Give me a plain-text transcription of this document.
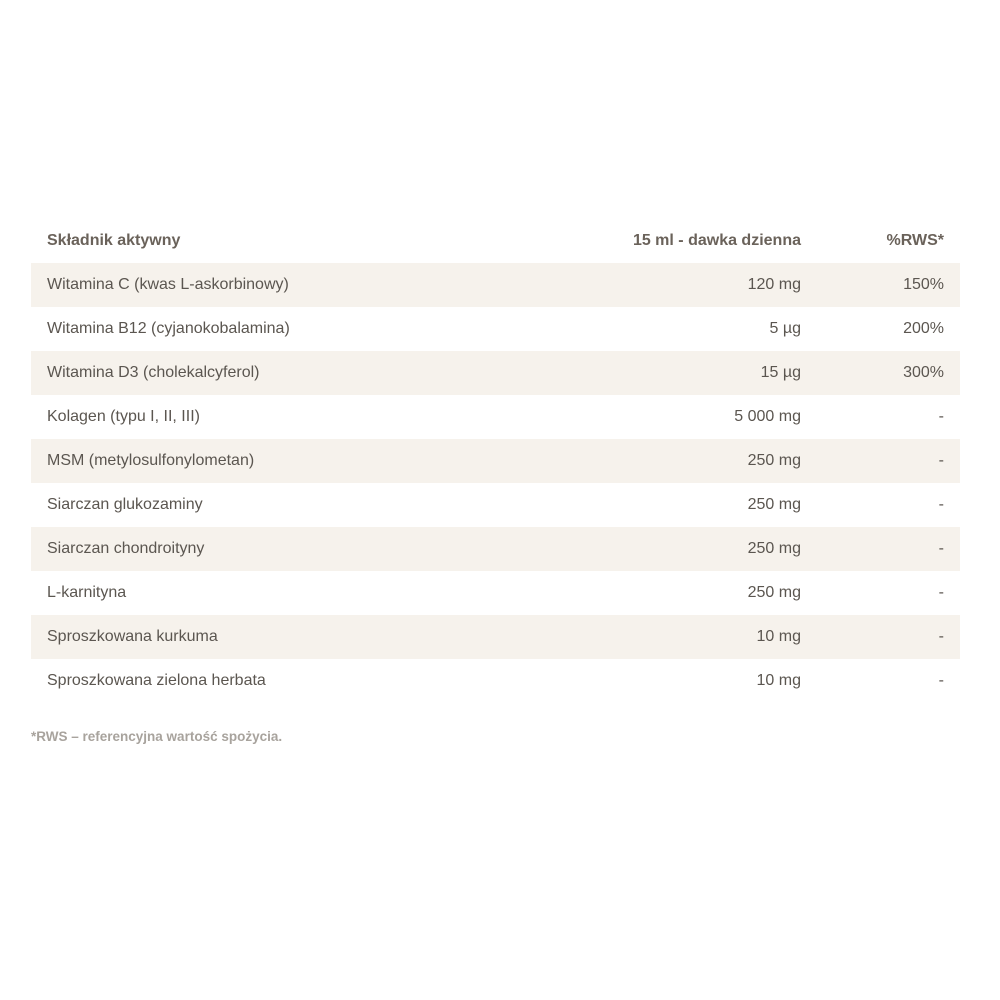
Składnik aktywny	15 ml - dawka dzienna	%RWS*
Witamina C (kwas L-askorbinowy)	120 mg	150%
Witamina B12 (cyjanokobalamina)	5 µg	200%
Witamina D3 (cholekalcyferol)	15 µg	300%
Kolagen (typu I, II, III)	5 000 mg	-
MSM (metylosulfonylometan)	250 mg	-
Siarczan glukozaminy	250 mg	-
Siarczan chondroityny	250 mg	-
L-karnityna	250 mg	-
Sproszkowana kurkuma	10 mg	-
Sproszkowana zielona herbata	10 mg	-
*RWS – referencyjna wartość spożycia.
